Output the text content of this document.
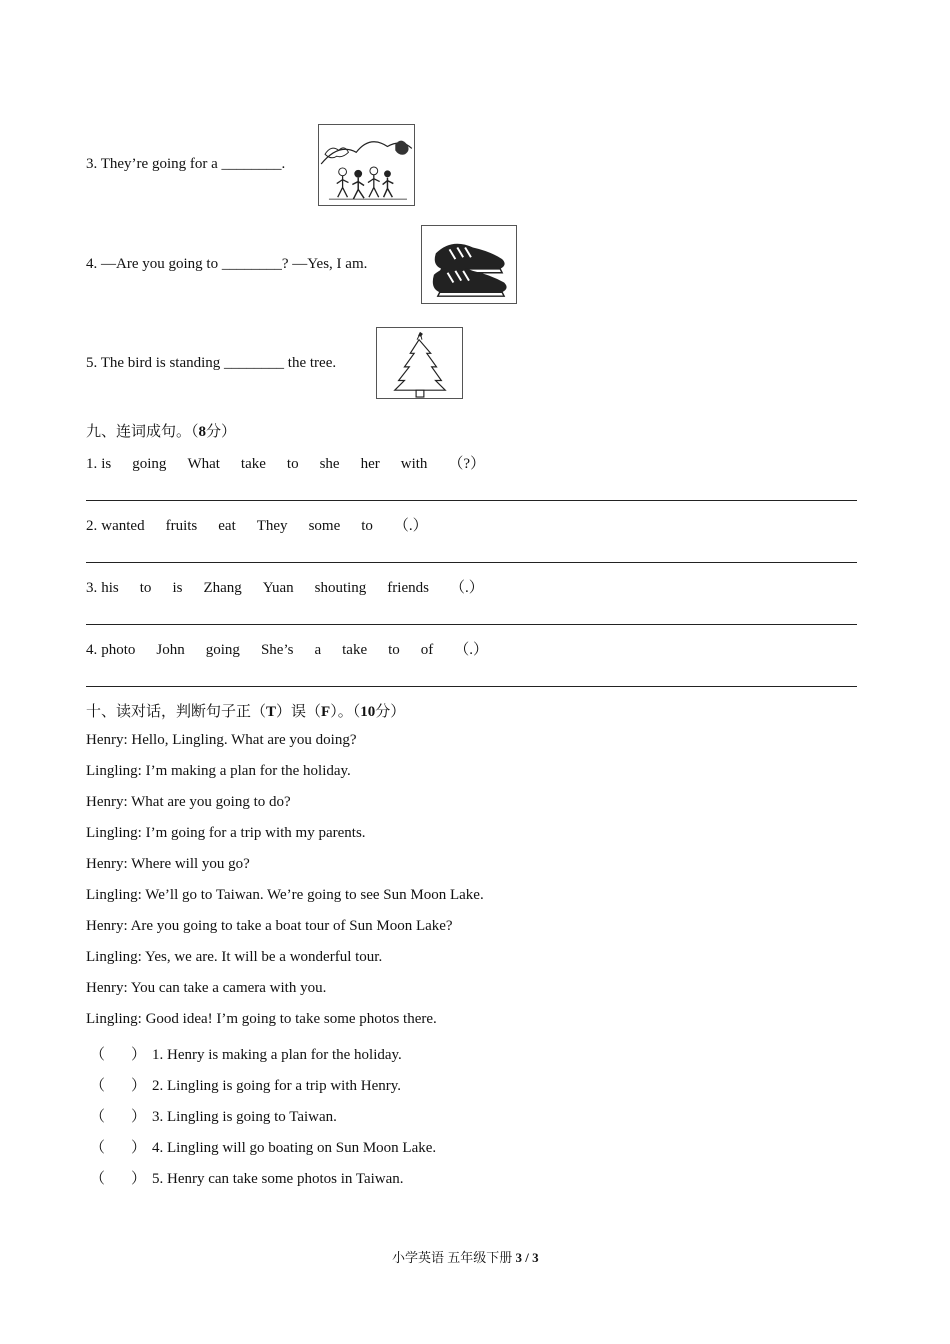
3. They’re going for a ________.
4. —Are you going to ________? —Yes, I am.
5. The bird is standing ________ the tree.
九、连词成句。（8分）
1. is going What take to she her with （?）
2. wanted fruits eat They some to （.）
3. his to is Zhang Yuan shouting friends （.）
4. photo John going She’s a take to of （.）
十、读对话，判断句子正（T）误（F）。（10分）
Henry: Hello, Lingling. What are you doing?
Lingling: I’m making a plan for the holiday.
Henry: What are you going to do?
Lingling: I’m going for a trip with my parents.
Henry: Where will you go?
Lingling: We’ll go to Taiwan. We’re going to see Sun Moon Lake.
Henry: Are you going to take a boat tour of Sun Moon Lake?
Lingling: Yes, we are. It will be a wonderful tour.
Henry: You can take a camera with you.
Lingling: Good idea! I’m going to take some photos there.
（ ） 1. Henry is making a plan for the holiday.
（ ） 2. Lingling is going for a trip with Henry.
（ ） 3. Lingling is going to Taiwan.
（ ） 4. Lingling will go boating on Sun Moon Lake.
（ ） 5. Henry can take some photos in Taiwan.
小学英语 五年级下册 3 / 3
